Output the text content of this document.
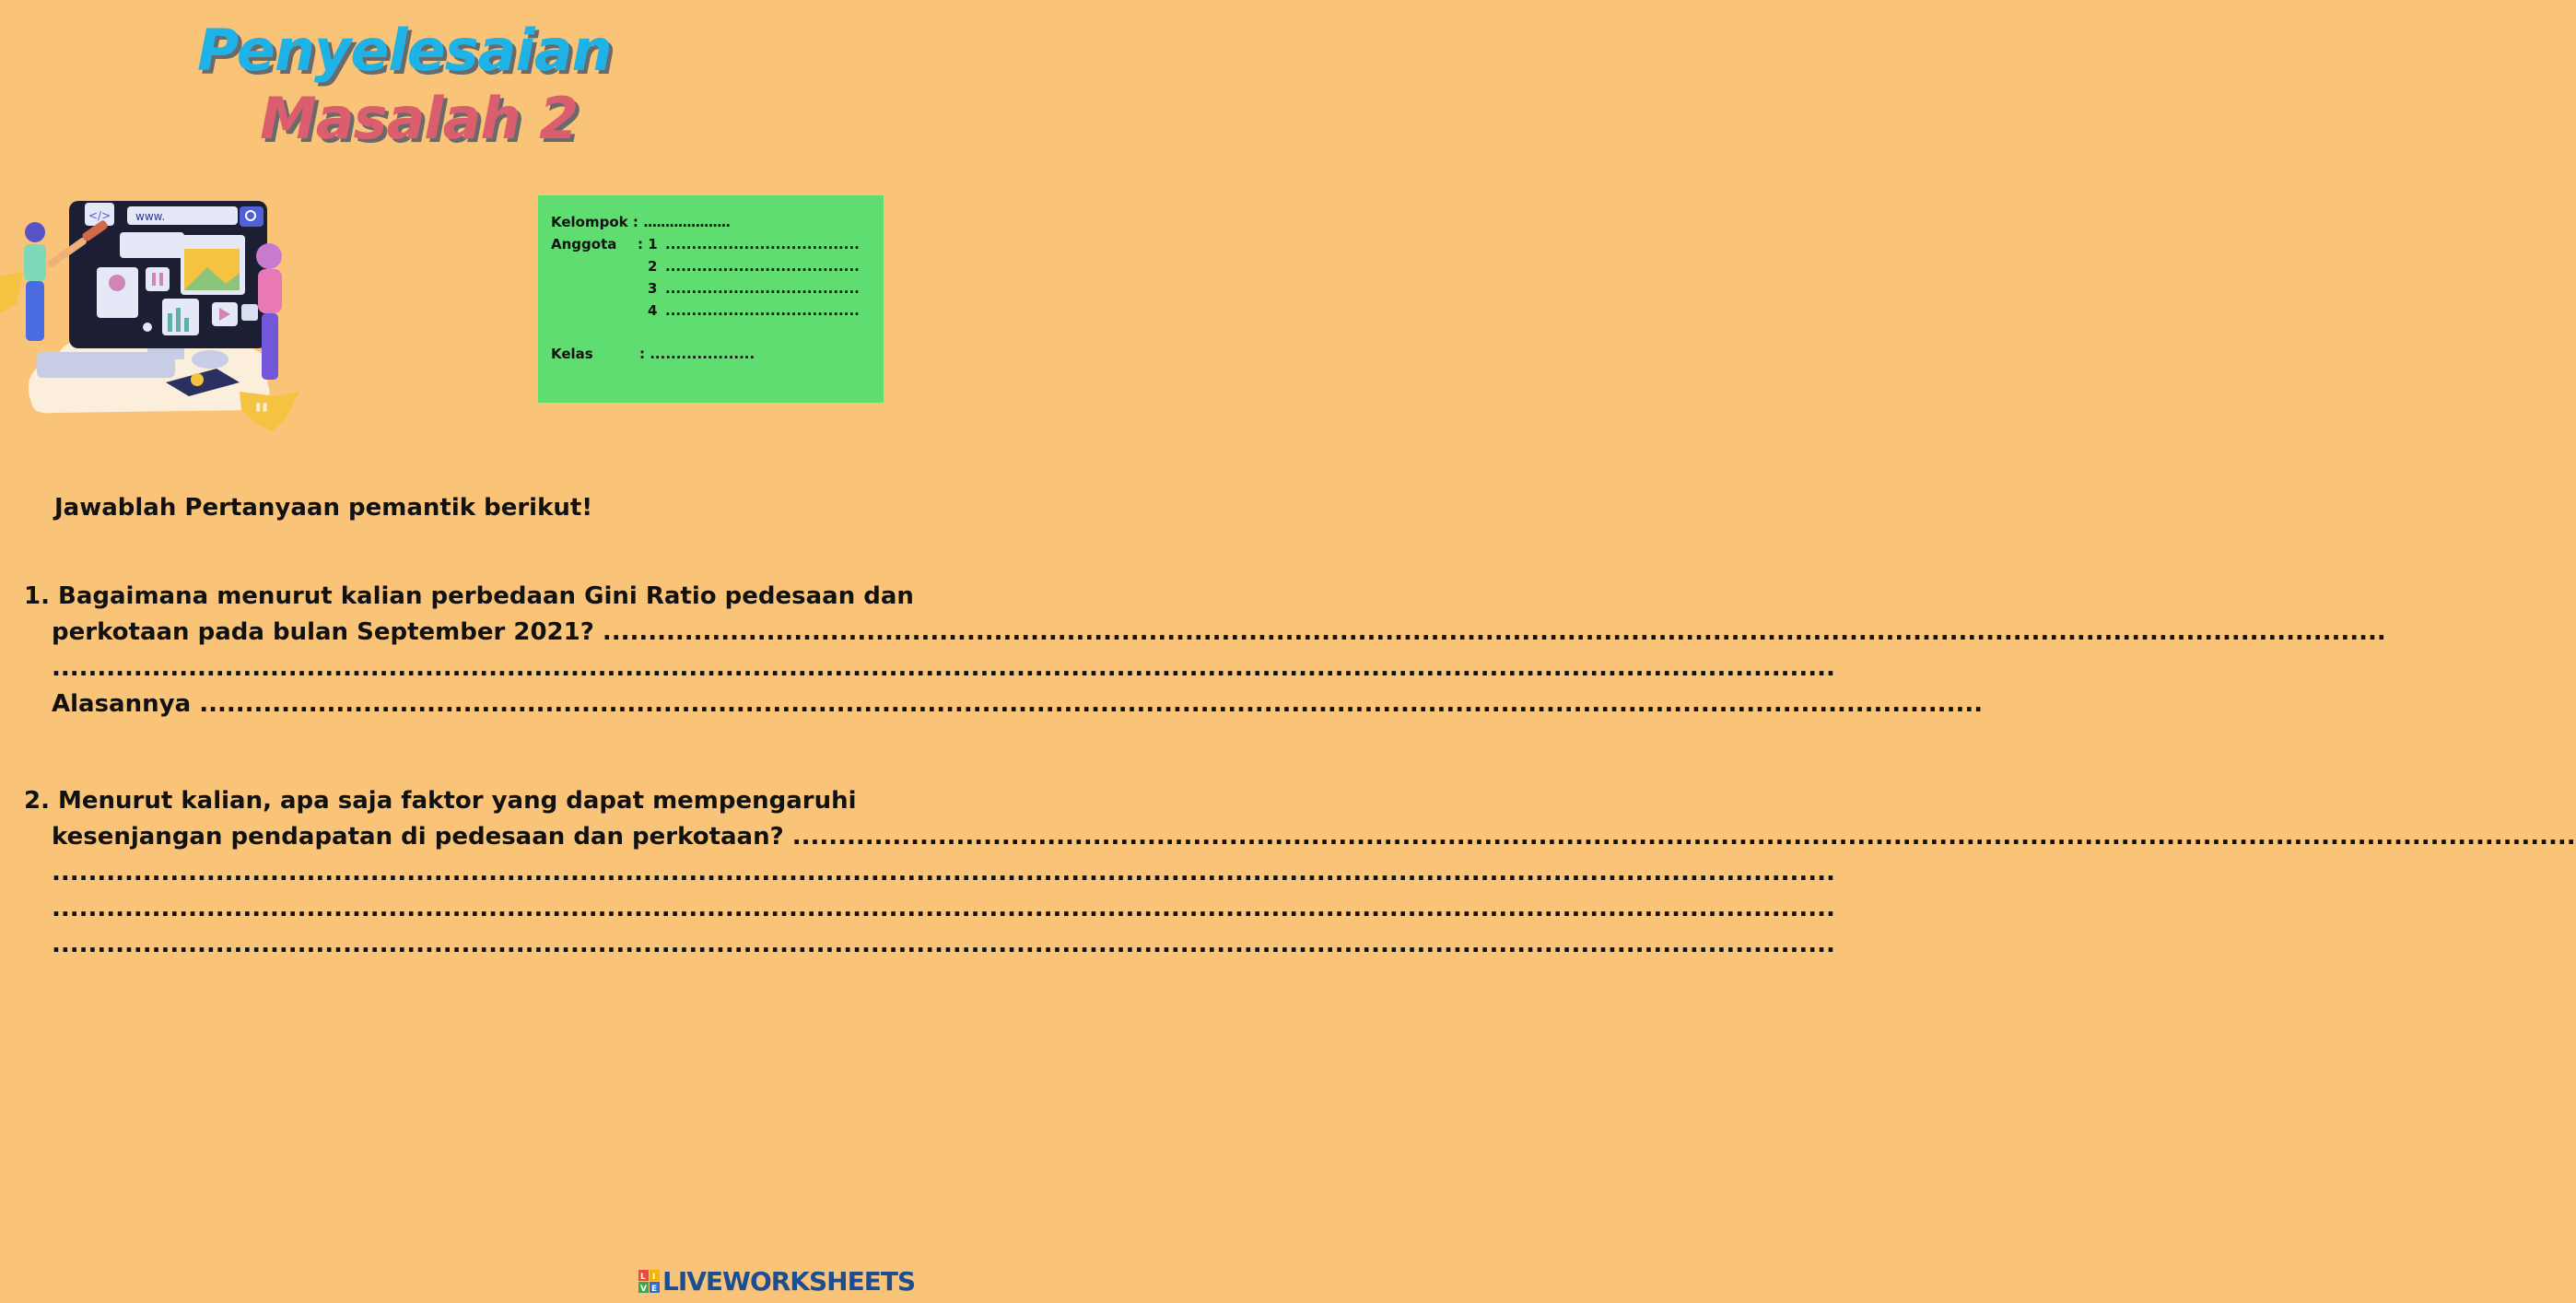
Penyelesaian
Masalah 2
"
www.
</>	Kelompok : ....................
Anggota : 1 .....................................
2 .....................................
3 .....................................
4 .....................................
Kelas	: ....................

Jawablah Pertanyaan pemantik berikut!

1. Bagaimana menurut kalian perbedaan Gini Ratio pedesaan dan

perkotaan pada bulan September 2021? ....................................................................................................................................................................................................

....................................................................................................................................................................................................

Alasannya ....................................................................................................................................................................................................

2. Menurut kalian, apa saja faktor yang dapat mempengaruhi

kesenjangan pendapatan di pedesaan dan perkotaan? ....................................................................................................................................................................................................

....................................................................................................................................................................................................

....................................................................................................................................................................................................

....................................................................................................................................................................................................

L I
V E LIVEWORKSHEETS
